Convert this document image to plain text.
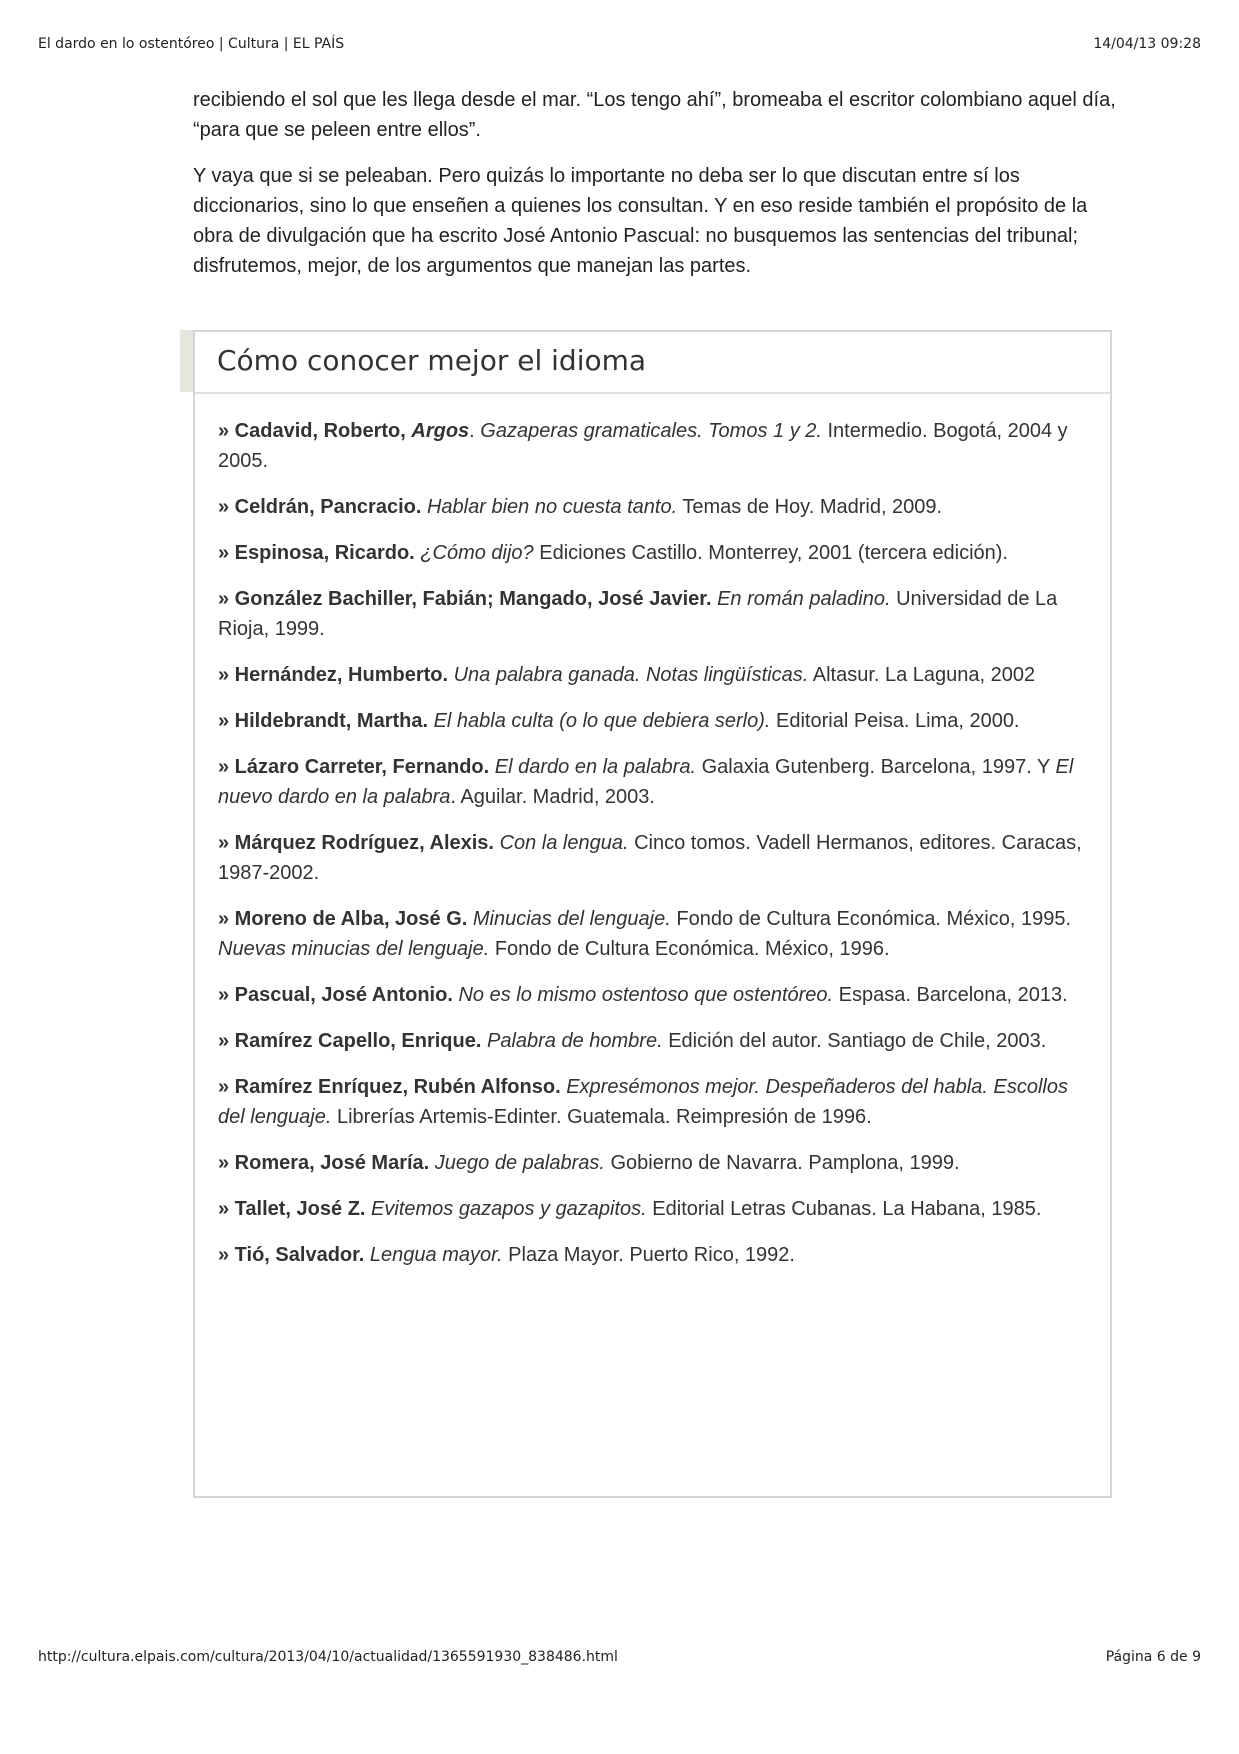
El dardo en lo ostentóreo | Cultura | EL PAÍS	14/04/13 09:28

recibiendo el sol que les llega desde el mar. “Los tengo ahí”, bromeaba el escritor colombiano aquel día, “para que se peleen entre ellos”.

Y vaya que si se peleaban. Pero quizás lo importante no deba ser lo que discutan entre sí los diccionarios, sino lo que enseñen a quienes los consultan. Y en eso reside también el propósito de la obra de divulgación que ha escrito José Antonio Pascual: no busquemos las sentencias del tribunal; disfrutemos, mejor, de los argumentos que manejan las partes.

Cómo conocer mejor el idioma

» Cadavid, Roberto, Argos. Gazaperas gramaticales. Tomos 1 y 2. Intermedio. Bogotá, 2004 y 2005.

» Celdrán, Pancracio. Hablar bien no cuesta tanto. Temas de Hoy. Madrid, 2009.

» Espinosa, Ricardo. ¿Cómo dijo? Ediciones Castillo. Monterrey, 2001 (tercera edición).

» González Bachiller, Fabián; Mangado, José Javier. En román paladino. Universidad de La Rioja, 1999.

» Hernández, Humberto. Una palabra ganada. Notas lingüísticas. Altasur. La Laguna, 2002

» Hildebrandt, Martha. El habla culta (o lo que debiera serlo). Editorial Peisa. Lima, 2000.

» Lázaro Carreter, Fernando. El dardo en la palabra. Galaxia Gutenberg. Barcelona, 1997. Y El nuevo dardo en la palabra. Aguilar. Madrid, 2003.

» Márquez Rodríguez, Alexis. Con la lengua. Cinco tomos. Vadell Hermanos, editores. Caracas, 1987-2002.

» Moreno de Alba, José G. Minucias del lenguaje. Fondo de Cultura Económica. México, 1995. Nuevas minucias del lenguaje. Fondo de Cultura Económica. México, 1996.

» Pascual, José Antonio. No es lo mismo ostentoso que ostentóreo. Espasa. Barcelona, 2013.

» Ramírez Capello, Enrique. Palabra de hombre. Edición del autor. Santiago de Chile, 2003.

» Ramírez Enríquez, Rubén Alfonso. Expresémonos mejor. Despeñaderos del habla. Escollos del lenguaje. Librerías Artemis-Edinter. Guatemala. Reimpresión de 1996.

» Romera, José María. Juego de palabras. Gobierno de Navarra. Pamplona, 1999.

» Tallet, José Z. Evitemos gazapos y gazapitos. Editorial Letras Cubanas. La Habana, 1985.

» Tió, Salvador. Lengua mayor. Plaza Mayor. Puerto Rico, 1992.

http://cultura.elpais.com/cultura/2013/04/10/actualidad/1365591930_838486.html	Página 6 de 9
